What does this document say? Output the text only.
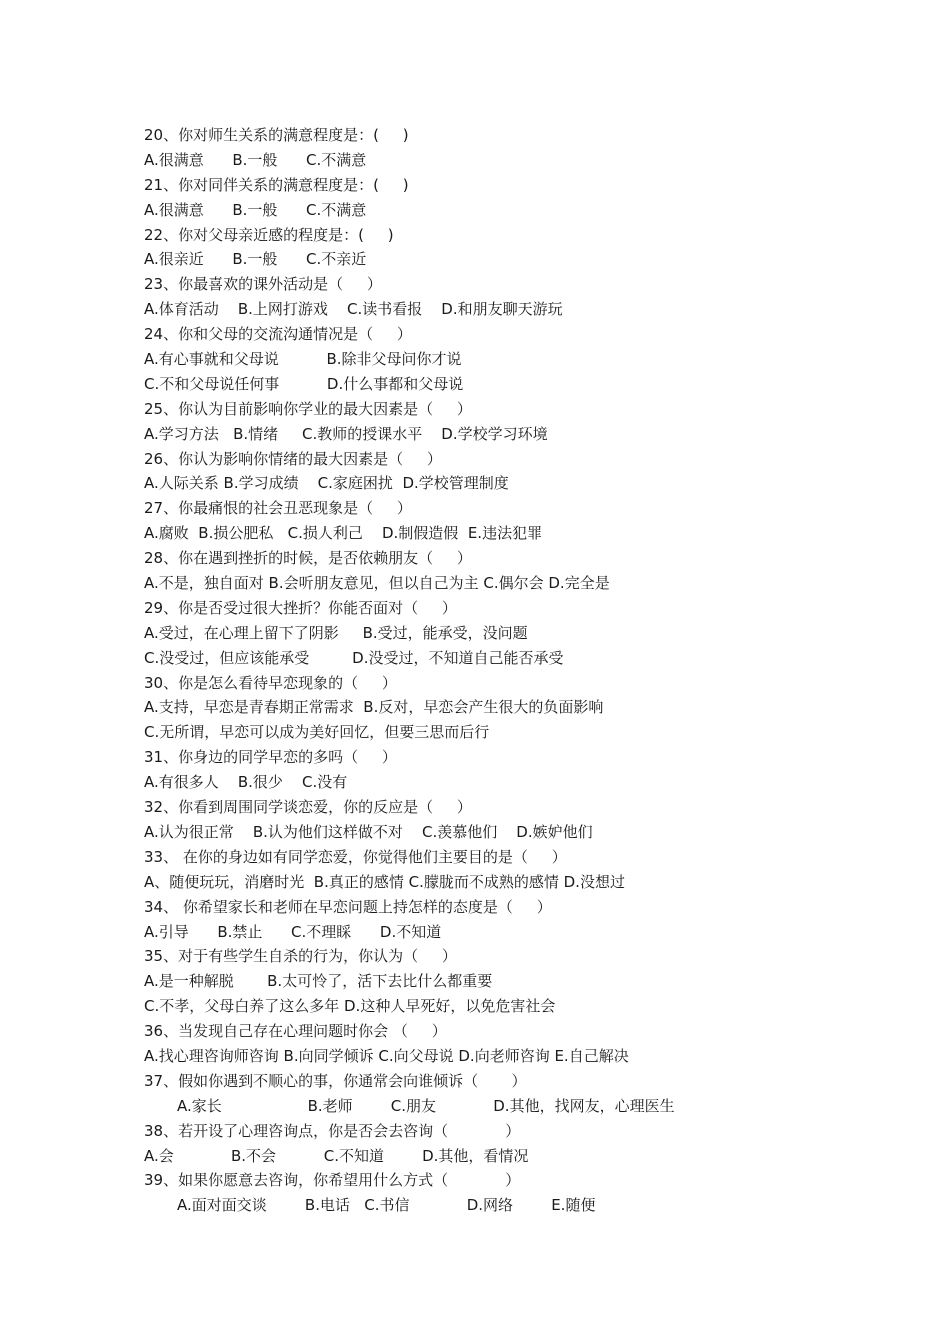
20、你对师生关系的满意程度是：(     )
A.很满意      B.一般      C.不满意
21、你对同伴关系的满意程度是：(     )
A.很满意      B.一般      C.不满意
22、你对父母亲近感的程度是：(     )
A.很亲近      B.一般      C.不亲近
23、你最喜欢的课外活动是（     ）
A.体育活动    B.上网打游戏    C.读书看报    D.和朋友聊天游玩
24、你和父母的交流沟通情况是（     ）
A.有心事就和父母说          B.除非父母问你才说
C.不和父母说任何事          D.什么事都和父母说
25、你认为目前影响你学业的最大因素是（     ）
A.学习方法   B.情绪     C.教师的授课水平    D.学校学习环境
26、你认为影响你情绪的最大因素是（     ）
A.人际关系 B.学习成绩    C.家庭困扰  D.学校管理制度
27、你最痛恨的社会丑恶现象是（     ）
A.腐败  B.损公肥私   C.损人利己    D.制假造假  E.违法犯罪
28、你在遇到挫折的时候，是否依赖朋友（     ）
A.不是，独自面对 B.会听朋友意见，但以自己为主 C.偶尔会 D.完全是
29、你是否受过很大挫折？你能否面对（     ）
A.受过，在心理上留下了阴影     B.受过，能承受，没问题
C.没受过，但应该能承受         D.没受过，不知道自己能否承受
30、你是怎么看待早恋现象的（     ）
A.支持，早恋是青春期正常需求  B.反对，早恋会产生很大的负面影响
C.无所谓，早恋可以成为美好回忆，但要三思而后行
31、你身边的同学早恋的多吗（     ）
A.有很多人    B.很少    C.没有
32、你看到周围同学谈恋爱，你的反应是（     ）
A.认为很正常    B.认为他们这样做不对    C.羡慕他们    D.嫉妒他们
33、 在你的身边如有同学恋爱，你觉得他们主要目的是（     ）
A、随便玩玩，消磨时光  B.真正的感情 C.朦胧而不成熟的感情 D.没想过
34、 你希望家长和老师在早恋问题上持怎样的态度是（     ）
A.引导      B.禁止      C.不理睬      D.不知道
35、对于有些学生自杀的行为，你认为（     ）
A.是一种解脱       B.太可怜了，活下去比什么都重要
C.不孝，父母白养了这么多年 D.这种人早死好，以免危害社会
36、当发现自己存在心理问题时你会 （     ）
A.找心理咨询师咨询 B.向同学倾诉 C.向父母说 D.向老师咨询 E.自己解决
37、假如你遇到不顺心的事，你通常会向谁倾诉（       ）
A.家长                  B.老师        C.朋友            D.其他，找网友，心理医生
38、若开设了心理咨询点，你是否会去咨询（            ）
A.会            B.不会          C.不知道        D.其他，看情况
39、如果你愿意去咨询，你希望用什么方式（            ）
A.面对面交谈        B.电话   C.书信            D.网络        E.随便
